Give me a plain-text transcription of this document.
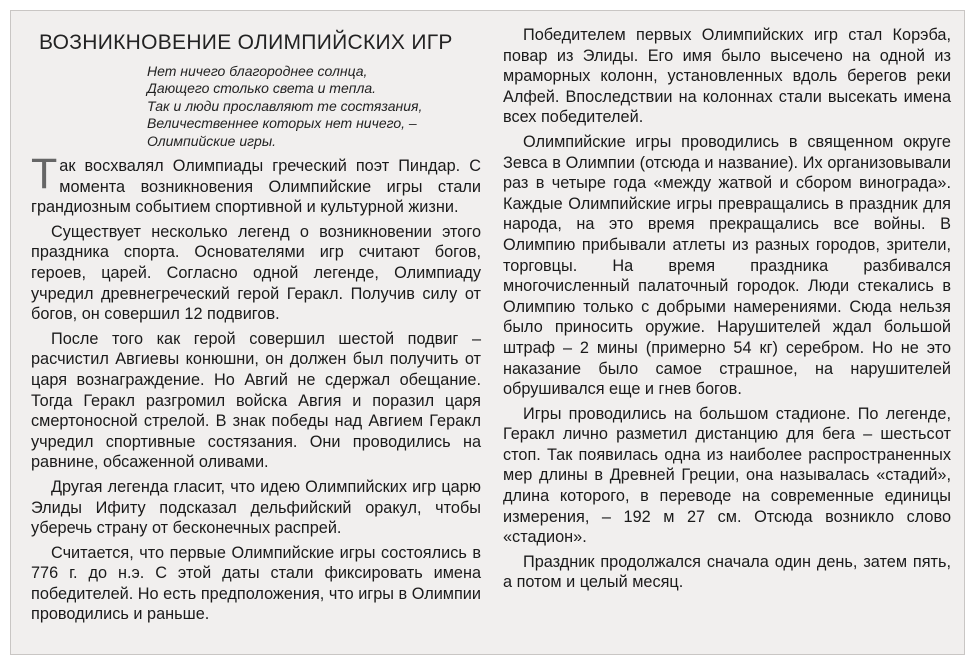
ВОЗНИКНОВЕНИЕ ОЛИМПИЙСКИХ ИГР
Нет ничего благороднее солнца,
Дающего столько света и тепла.
Так и люди прославляют те состязания,
Величественнее которых нет ничего, –
Олимпийские игры.

Так восхвалял Олимпиады греческий поэт Пиндар. С момента возникновения Олимпийские игры стали грандиозным событием спортивной и культурной жизни.

Существует несколько легенд о возникновении этого праздника спорта. Основателями игр считают богов, героев, царей. Согласно одной легенде, Олимпиаду учредил древнегреческий герой Геракл. Получив силу от богов, он совершил 12 подвигов.

После того как герой совершил шестой подвиг – расчистил Авгиевы конюшни, он должен был получить от царя вознаграждение. Но Авгий не сдержал обещание. Тогда Геракл разгромил войска Авгия и поразил царя смертоносной стрелой. В знак победы над Авгием Геракл учредил спортивные состязания. Они проводились на равнине, обсаженной оливами.

Другая легенда гласит, что идею Олимпийских игр царю Элиды Ифиту подсказал дельфийский оракул, чтобы уберечь страну от бесконечных распрей.

Считается, что первые Олимпийские игры состоялись в 776 г. до н.э. С этой даты стали фиксировать имена победителей. Но есть предположения, что игры в Олимпии проводились и раньше.

Победителем первых Олимпийских игр стал Корэба, повар из Элиды. Его имя было высечено на одной из мраморных колонн, установленных вдоль берегов реки Алфей. Впоследствии на колоннах стали высекать имена всех победителей.

Олимпийские игры проводились в священном округе Зевса в Олимпии (отсюда и название). Их организовывали раз в четыре года «между жатвой и сбором винограда». Каждые Олимпийские игры превращались в праздник для народа, на это время прекращались все войны. В Олимпию прибывали атлеты из разных городов, зрители, торговцы. На время праздника разбивался многочисленный палаточный городок. Люди стекались в Олимпию только с добрыми намерениями. Сюда нельзя было приносить оружие. Нарушителей ждал большой штраф – 2 мины (примерно 54 кг) серебром. Но не это наказание было самое страшное, на нарушителей обрушивался еще и гнев богов.

Игры проводились на большом стадионе. По легенде, Геракл лично разметил дистанцию для бега – шестьсот стоп. Так появилась одна из наиболее распространенных мер длины в Древней Греции, она называлась «стадий», длина которого, в переводе на современные единицы измерения, – 192 м 27 см. Отсюда возникло слово «стадион».

Праздник продолжался сначала один день, затем пять, а потом и целый месяц.
